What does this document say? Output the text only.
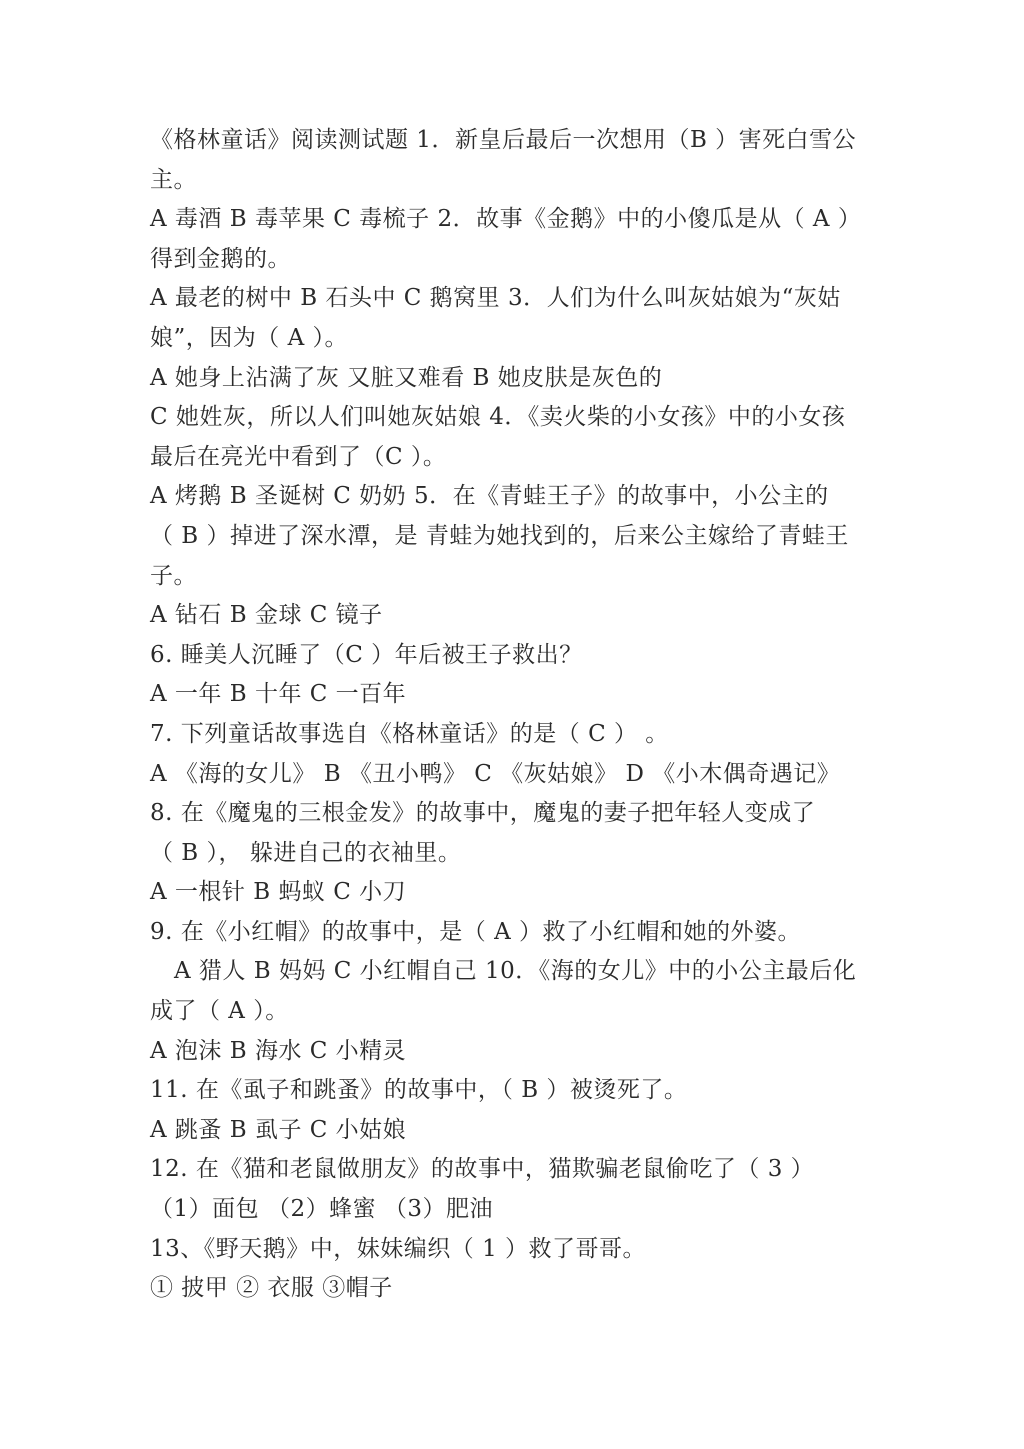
《格林童话》阅读测试题 1．新皇后最后一次想用（B ）害死白雪公
主。
A 毒酒 B 毒苹果 C 毒梳子 2．故事《金鹅》中的小傻瓜是从（ A ）
得到金鹅的。
A 最老的树中 B 石头中 C 鹅窝里 3．人们为什么叫灰姑娘为“灰姑
娘”，因为（ A ）。
A 她身上沾满了灰 又脏又难看 B 她皮肤是灰色的
C 她姓灰，所以人们叫她灰姑娘 4．《卖火柴的小女孩》中的小女孩
最后在亮光中看到了（C ）。
A 烤鹅 B 圣诞树 C 奶奶 5．在《青蛙王子》的故事中，小公主的
（ B ）掉进了深水潭，是 青蛙为她找到的，后来公主嫁给了青蛙王
子。
A 钻石 B 金球 C 镜子
6. 睡美人沉睡了（C ）年后被王子救出？
A 一年 B 十年 C 一百年
7. 下列童话故事选自《格林童话》的是（ C ） 。
A 《海的女儿》 B 《丑小鸭》 C 《灰姑娘》 D 《小木偶奇遇记》
8. 在《魔鬼的三根金发》的故事中，魔鬼的妻子把年轻人变成了
（ B ）， 躲进自己的衣袖里。
A 一根针 B 蚂蚁 C 小刀
9. 在《小红帽》的故事中，是（ A ）救了小红帽和她的外婆。
A 猎人 B 妈妈 C 小红帽自己 10．《海的女儿》中的小公主最后化
成了（ A ）。
A 泡沫 B 海水 C 小精灵
11. 在《虱子和跳蚤》的故事中，（ B ）被烫死了。
A 跳蚤 B 虱子 C 小姑娘
12. 在《猫和老鼠做朋友》的故事中，猫欺骗老鼠偷吃了（ 3 ）
（1）面包 （2）蜂蜜 （3）肥油
13、《野天鹅》中，妹妹编织（ 1 ）救了哥哥。
① 披甲 ② 衣服 ③帽子
